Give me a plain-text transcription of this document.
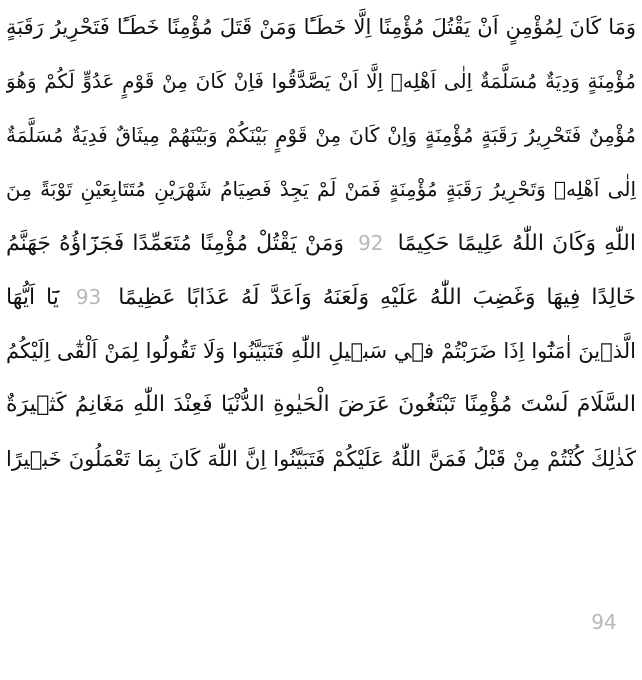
وَمَا كَانَ لِمُؤْمِنٍ اَنْ يَقْتُلَ مُؤْمِنًا اِلَّا خَطَـًٔا وَمَنْ قَتَلَ مُؤْمِنًا خَطَـًٔا فَتَحْرِيرُ رَقَبَةٍ
مُؤْمِنَةٍ وَدِيَةٌ مُسَلَّمَةٌ اِلٰى اَهْلِه۪ اِلَّا اَنْ يَصَّدَّقُوا فَاِنْ كَانَ مِنْ قَوْمٍ عَدُوٍّ لَكُمْ وَهُوَ
مُؤْمِنٌ فَتَحْرِيرُ رَقَبَةٍ مُؤْمِنَةٍ وَاِنْ كَانَ مِنْ قَوْمٍ بَيْنَكُمْ وَبَيْنَهُمْ مِيثَاقٌ فَدِيَةٌ مُسَلَّمَةٌ
اِلٰى اَهْلِه۪ وَتَحْرِيرُ رَقَبَةٍ مُؤْمِنَةٍ فَمَنْ لَمْ يَجِدْ فَصِيَامُ شَهْرَيْنِ مُتَتَابِعَيْنِ تَوْبَةً مِنَ
اللّٰهِ وَكَانَ اللّٰهُ عَلِيمًا حَكِيمًا 92 وَمَنْ يَقْتُلْ مُؤْمِنًا مُتَعَمِّدًا فَجَزَٓاؤُهُ جَهَنَّمُ
خَالِدًا فِيهَا وَغَضِبَ اللّٰهُ عَلَيْهِ وَلَعَنَهُ وَاَعَدَّ لَهُ عَذَابًا عَظِيمًا 93 يَٓا اَيُّهَا
الَّذ۪ينَ اٰمَنُٓوا اِذَا ضَرَبْتُمْ ف۪ي سَب۪يلِ اللّٰهِ فَتَبَيَّنُوا وَلَا تَقُولُوا لِمَنْ اَلْقٰٓى اِلَيْكُمُ
السَّلَامَ لَسْتَ مُؤْمِنًا تَبْتَغُونَ عَرَضَ الْحَيٰوةِ الدُّنْيَا فَعِنْدَ اللّٰهِ مَغَانِمُ كَث۪يرَةٌ
كَذٰلِكَ كُنْتُمْ مِنْ قَبْلُ فَمَنَّ اللّٰهُ عَلَيْكُمْ فَتَبَيَّنُوا اِنَّ اللّٰهَ كَانَ بِمَا تَعْمَلُونَ خَب۪يرًا
94
